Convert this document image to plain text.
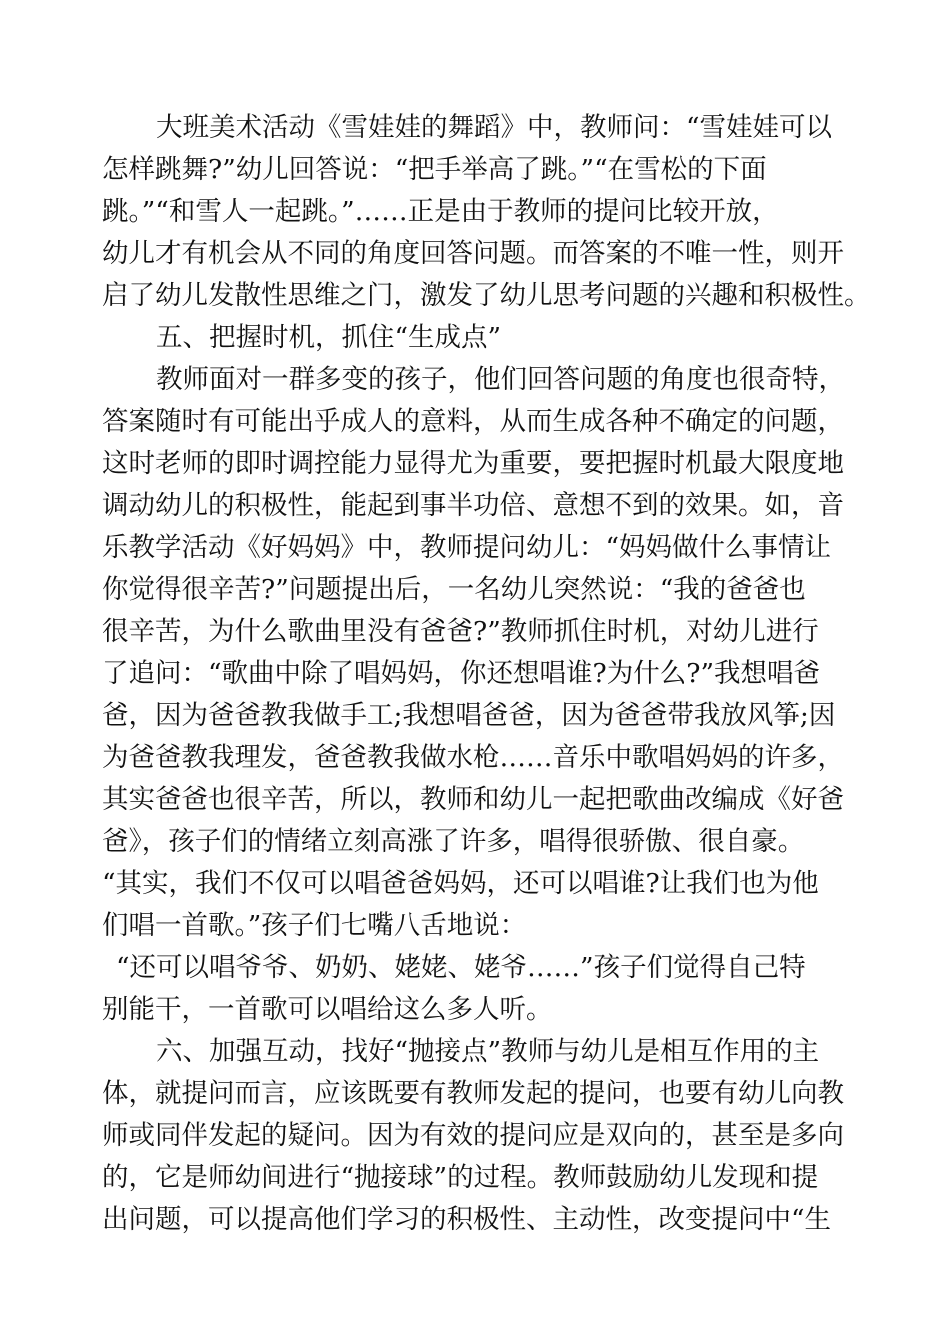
大班美术活动《雪娃娃的舞蹈》中，教师问：“雪娃娃可以
怎样跳舞?”幼儿回答说：“把手举高了跳。”“在雪松的下面
跳。”“和雪人一起跳。”……正是由于教师的提问比较开放，
幼儿才有机会从不同的角度回答问题。而答案的不唯一性，则开
启了幼儿发散性思维之门，激发了幼儿思考问题的兴趣和积极性。
五、把握时机，抓住“生成点”
教师面对一群多变的孩子，他们回答问题的角度也很奇特，
答案随时有可能出乎成人的意料，从而生成各种不确定的问题，
这时老师的即时调控能力显得尤为重要，要把握时机最大限度地
调动幼儿的积极性，能起到事半功倍、意想不到的效果。如，音
乐教学活动《好妈妈》中，教师提问幼儿：“妈妈做什么事情让
你觉得很辛苦?”问题提出后，一名幼儿突然说：“我的爸爸也
很辛苦，为什么歌曲里没有爸爸?”教师抓住时机，对幼儿进行
了追问：“歌曲中除了唱妈妈，你还想唱谁?为什么?”我想唱爸
爸，因为爸爸教我做手工;我想唱爸爸，因为爸爸带我放风筝;因
为爸爸教我理发，爸爸教我做水枪……音乐中歌唱妈妈的许多，
其实爸爸也很辛苦，所以，教师和幼儿一起把歌曲改编成《好爸
爸》，孩子们的情绪立刻高涨了许多，唱得很骄傲、很自豪。
“其实，我们不仅可以唱爸爸妈妈，还可以唱谁?让我们也为他
们唱一首歌。”孩子们七嘴八舌地说：
“还可以唱爷爷、奶奶、姥姥、姥爷……”孩子们觉得自己特
别能干，一首歌可以唱给这么多人听。
六、加强互动，找好“抛接点”教师与幼儿是相互作用的主
体，就提问而言，应该既要有教师发起的提问，也要有幼儿向教
师或同伴发起的疑问。因为有效的提问应是双向的，甚至是多向
的，它是师幼间进行“抛接球”的过程。教师鼓励幼儿发现和提
出问题，可以提高他们学习的积极性、主动性，改变提问中“生
